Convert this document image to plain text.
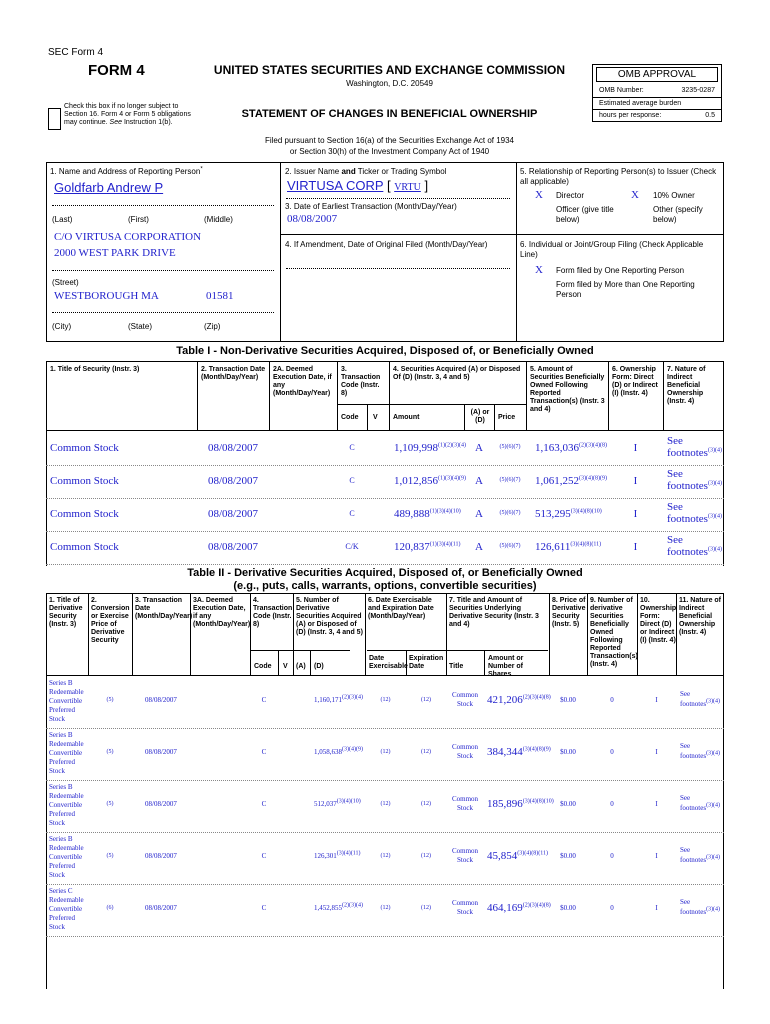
SEC Form 4
FORM 4	UNITED STATES SECURITIES AND EXCHANGE COMMISSION
Washington, D.C. 20549
Check this box if no longer subject to Section 16. Form 4 or Form 5 obligations may continue. See Instruction 1(b).
STATEMENT OF CHANGES IN BENEFICIAL OWNERSHIP
Filed pursuant to Section 16(a) of the Securities Exchange Act of 1934
or Section 30(h) of the Investment Company Act of 1940
OMB APPROVAL
OMB Number:	3235-0287
Estimated average burden
hours per response:	0.5
1. Name and Address of Reporting Person*
Goldfarb Andrew P
(Last)	(First)	(Middle)
C/O VIRTUSA CORPORATION
2000 WEST PARK DRIVE
(Street)
WESTBOROUGH MA	01581
(City)	(State)	(Zip)
2. Issuer Name and Ticker or Trading Symbol
VIRTUSA CORP [ VRTU ]
3. Date of Earliest Transaction (Month/Day/Year)
08/08/2007
4. If Amendment, Date of Original Filed (Month/Day/Year)
5. Relationship of Reporting Person(s) to Issuer (Check all applicable)
X Director	X 10% Owner
Officer (give title below)
Other (specify below)
6. Individual or Joint/Group Filing (Check Applicable Line)
X Form filed by One Reporting Person
Form filed by More than One Reporting Person
Table I - Non-Derivative Securities Acquired, Disposed of, or Beneficially Owned
1. Title of Security (Instr. 3)	2. Transaction Date (Month/Day/Year)
2A. Deemed Execution Date, if any (Month/Day/Year)
3. Transaction Code (Instr. 8)
4. Securities Acquired (A) or Disposed Of (D) (Instr. 3, 4 and 5)
5. Amount of Securities Beneficially Owned Following Reported Transaction(s) (Instr. 3 and 4)
6. Ownership Form: Direct (D) or Indirect (I) (Instr. 4)
7. Nature of Indirect Beneficial Ownership (Instr. 4)
Code V Amount
(A) or (D)	Price
Common Stock	08/08/2007	C	$1,109,998^{(1)(2)(3)(4)}$ A	(5)(6)(7)	$1,163,036^{(2)(3)(4)(8)}$	I
See
footnotes$^{(3)(4)}$
Common Stock	08/08/2007	C	$1,012,856^{(1)(3)(4)(9)}$ A	(5)(6)(7)	$1,061,252^{(3)(4)(8)(9)}$	I
See
footnotes$^{(3)(4)}$
Common Stock	08/08/2007	C	$489,888^{(1)(3)(4)(10)}$	A	(5)(6)(7)	$513,295^{(3)(4)(8)(10)}$	I
See
footnotes$^{(3)(4)}$
Common Stock	08/08/2007	C/K	$120,837^{(1)(3)(4)(11)}$	A	(5)(6)(7)	$126,611^{(3)(4)(8)(11)}$	I
See
footnotes$^{(3)(4)}$
Table II - Derivative Securities Acquired, Disposed of, or Beneficially Owned
(e.g., puts, calls, warrants, options, convertible securities)
1. Title of Derivative Security (Instr. 3)
2. Conversion or Exercise Price of Derivative Security
3. Transaction Date (Month/Day/Year)
3A. Deemed Execution Date, if any (Month/Day/Year)
4. Transaction Code (Instr. 8)
5. Number of Derivative Securities Acquired (A) or Disposed of (D) (Instr. 3, 4 and 5)
6. Date Exercisable and Expiration Date (Month/Day/Year)
7. Title and Amount of Securities Underlying Derivative Security (Instr. 3 and 4)
8. Price of Derivative Security (Instr. 5)
9. Number of derivative Securities Beneficially Owned Following Reported Transaction(s) (Instr. 4)
10. Ownership Form: Direct (D) or Indirect (I) (Instr. 4)
11. Nature of Indirect Beneficial Ownership (Instr. 4)
Code V (A) (D)
Date Exercisable
Expiration Date	Title
Amount or Number of Shares
Series B Redeemable Convertible Preferred Stock
(5)	08/08/2007	C	$1,160,171^{(2)(3)(4)}$	(12)	(12)
Common Stock	$421,206^{(2)(3)(4)(8)}$	$0.00	0	I
See
footnotes$^{(3)(4)}$
Series B Redeemable Convertible Preferred Stock
(5)	08/08/2007	C	$1,058,638^{(3)(4)(9)}$	(12)	(12)
Common Stock	$384,344^{(3)(4)(8)(9)}$	$0.00	0	I
See
footnotes$^{(3)(4)}$
Series B Redeemable Convertible Preferred Stock
(5)	08/08/2007	C	$512,037^{(3)(4)(10)}$	(12)	(12)
Common Stock	$185,896^{(3)(4)(8)(10)}$ $0.00	0	I
See
footnotes$^{(3)(4)}$
Series B Redeemable Convertible Preferred Stock
(5)	08/08/2007	C	$126,301^{(3)(4)(11)}$	(12)	(12)
Common Stock	$45,854^{(3)(4)(8)(11)}$	$0.00	0	I
See
footnotes$^{(3)(4)}$
Series C Redeemable Convertible Preferred Stock
(6)	08/08/2007	C	$1,452,855^{(2)(3)(4)}$	(12)	(12)
Common Stock	$464,169^{(2)(3)(4)(8)}$	$0.00	0	I
See
footnotes$^{(3)(4)}$
